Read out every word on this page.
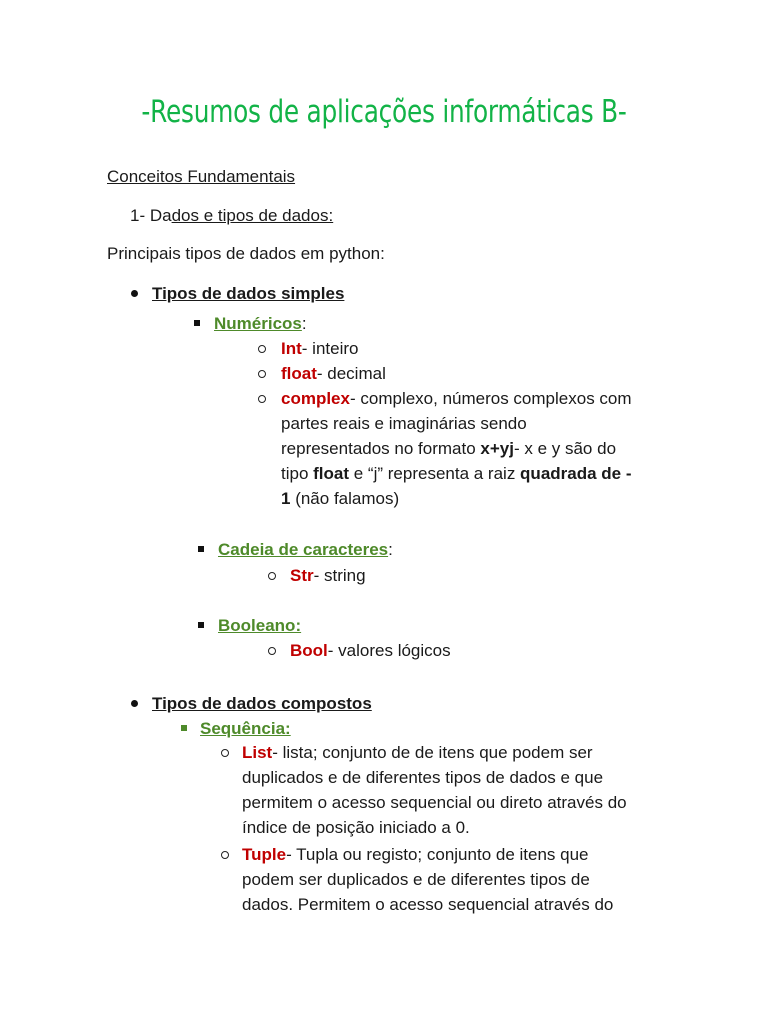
-Resumos de aplicações informáticas B-
Conceitos Fundamentais
1- Dados e tipos de dados:
Principais tipos de dados em python:
Tipos de dados simples
Numéricos:
Int- inteiro
float- decimal
complex- complexo, números complexos com
partes reais e imaginárias sendo
representados no formato x+yj- x e y são do
tipo float e “j” representa a raiz quadrada de -
1 (não falamos)
Cadeia de caracteres:
Str- string
Booleano:
Bool- valores lógicos
Tipos de dados compostos
Sequência:
List- lista; conjunto de de itens que podem ser
duplicados e de diferentes tipos de dados e que
permitem o acesso sequencial ou direto através do
índice de posição iniciado a 0.
Tuple- Tupla ou registo; conjunto de itens que
podem ser duplicados e de diferentes tipos de
dados. Permitem o acesso sequencial através do
